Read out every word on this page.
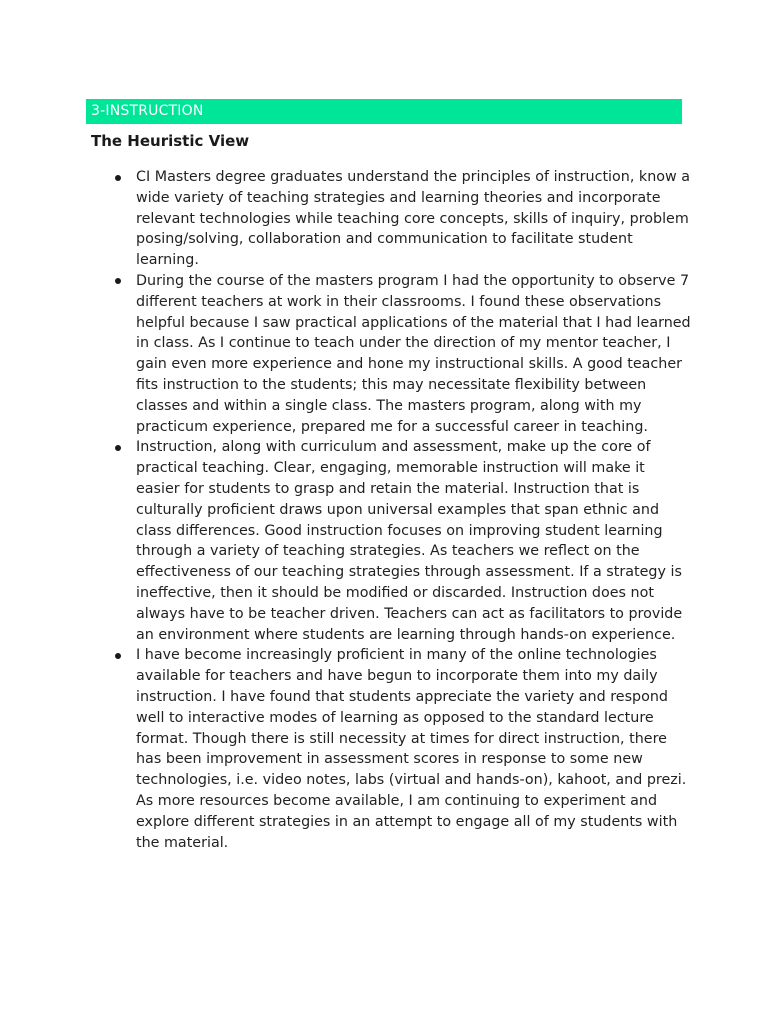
3-INSTRUCTION
The Heuristic View
CI Masters degree graduates understand the principles of instruction, know a wide variety of teaching strategies and learning theories and incorporate relevant technologies while teaching core concepts, skills of inquiry, problem posing/solving, collaboration and communication to facilitate student learning.
During the course of the masters program I had the opportunity to observe 7 different teachers at work in their classrooms. I found these observations helpful because I saw practical applications of the material that I had learned in class. As I continue to teach under the direction of my mentor teacher, I gain even more experience and hone my instructional skills. A good teacher fits instruction to the students; this may necessitate flexibility between classes and within a single class. The masters program, along with my practicum experience, prepared me for a successful career in teaching.
Instruction, along with curriculum and assessment, make up the core of practical teaching. Clear, engaging, memorable instruction will make it easier for students to grasp and retain the material. Instruction that is culturally proficient draws upon universal examples that span ethnic and class differences. Good instruction focuses on improving student learning through a variety of teaching strategies. As teachers we reflect on the effectiveness of our teaching strategies through assessment. If a strategy is ineffective, then it should be modified or discarded. Instruction does not always have to be teacher driven. Teachers can act as facilitators to provide an environment where students are learning through hands-on experience.
I have become increasingly proficient in many of the online technologies available for teachers and have begun to incorporate them into my daily instruction. I have found that students appreciate the variety and respond well to interactive modes of learning as opposed to the standard lecture format. Though there is still necessity at times for direct instruction, there has been improvement in assessment scores in response to some new technologies, i.e. video notes, labs (virtual and hands-on), kahoot, and prezi. As more resources become available, I am continuing to experiment and explore different strategies in an attempt to engage all of my students with the material.
